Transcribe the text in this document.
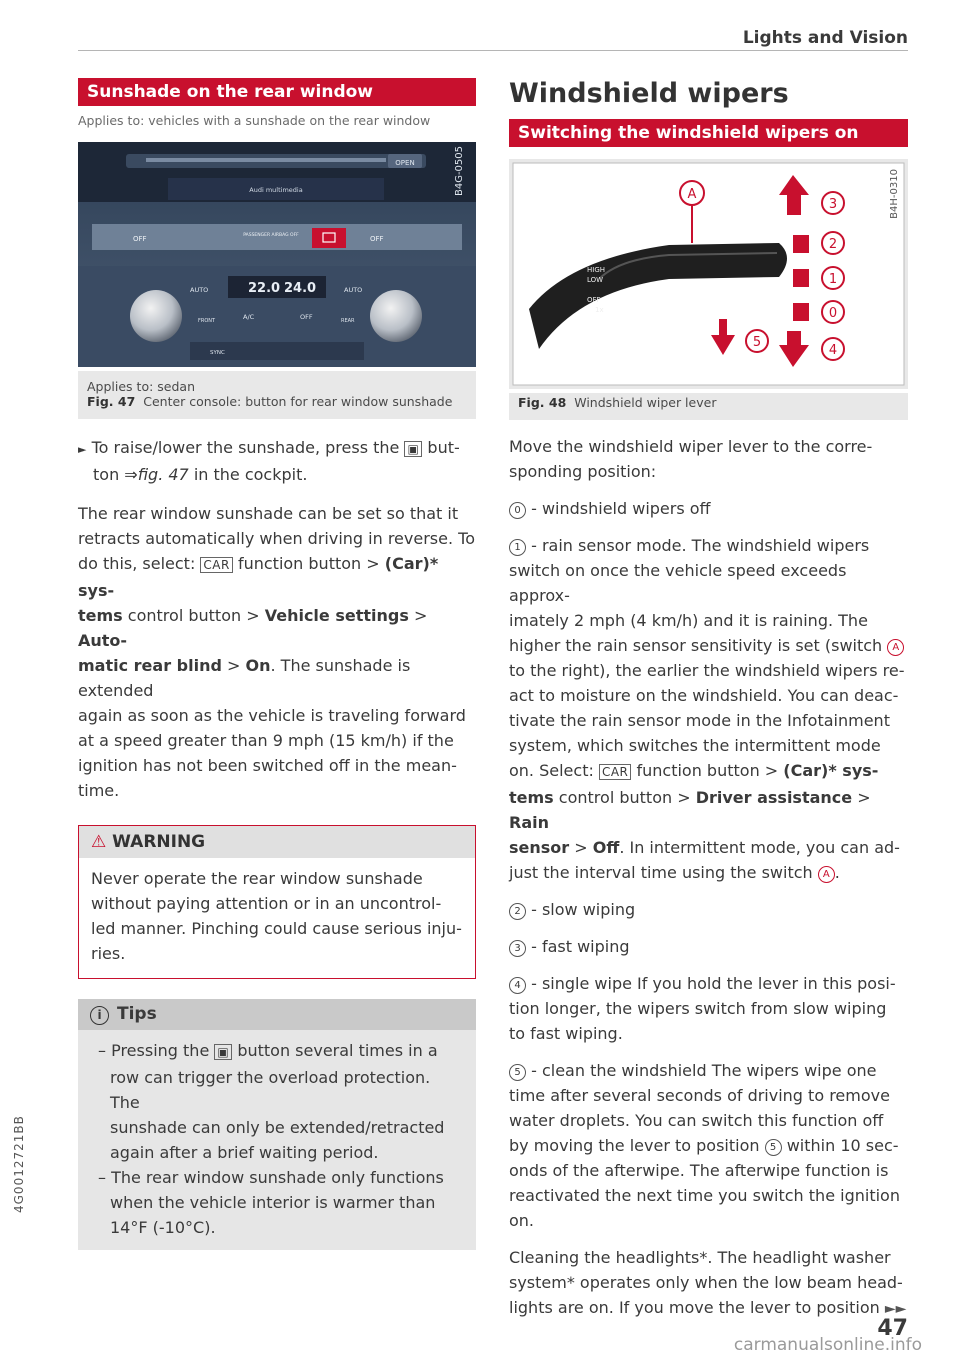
Lights and Vision
Sunshade on the rear window
Applies to: vehicles with a sunshade on the rear window
OPEN
Audi multimedia
OFF	PASSENGER AIRBAG OFF	OFF
22.0 24.0
AUTO	AUTO
A/C	OFF
FRONT	REAR
SYNC
B4G-0505
Applies to: sedan
Fig. 47 Center console: button for rear window sunshade

► To raise/lower the sunshade, press the ▣ but-
ton ⇒fig. 47 in the cockpit.

The rear window sunshade can be set so that it
retracts automatically when driving in reverse. To
do this, select: CAR function button > (Car)* sys-
tems control button > Vehicle settings > Auto-
matic rear blind > On. The sunshade is extended
again as soon as the vehicle is traveling forward
at a speed greater than 9 mph (15 km/h) if the
ignition has not been switched off in the mean-
time.

⚠ WARNING
Never operate the rear window sunshade
without paying attention or in an uncontrol-
led manner. Pinching could cause serious inju-
ries.
i Tips

– Pressing the ▣ button several times in a
row can trigger the overload protection. The
sunshade can only be extended/retracted
again after a brief waiting period.

– The rear window sunshade only functions
when the vehicle interior is warmer than
14°F (-10°C).

Windshield wipers
Switching the windshield wipers on
HIGH
LOW
OFF
1x
A
3
2
1
0
4
5
B4H-0310
Fig. 48 Windshield wiper lever

Move the windshield wiper lever to the corre-
sponding position:

0 - windshield wipers off

1 - rain sensor mode. The windshield wipers
switch on once the vehicle speed exceeds approx-
imately 2 mph (4 km/h) and it is raining. The
higher the rain sensor sensitivity is set (switch A
to the right), the earlier the windshield wipers re-
act to moisture on the windshield. You can deac-
tivate the rain sensor mode in the Infotainment
system, which switches the intermittent mode
on. Select: CAR function button > (Car)* sys-
tems control button > Driver assistance > Rain
sensor > Off. In intermittent mode, you can ad-
just the interval time using the switch A .

2 - slow wiping

3 - fast wiping

4 - single wipe If you hold the lever in this posi-
tion longer, the wipers switch from slow wiping
to fast wiping.

5 - clean the windshield The wipers wipe one
time after several seconds of driving to remove
water droplets. You can switch this function off
by moving the lever to position 5 within 10 sec-
onds of the afterwipe. The afterwipe function is
reactivated the next time you switch the ignition
on.

Cleaning the headlights*. The headlight washer
system* operates only when the low beam head-
lights are on. If you move the lever to position ►►

47
4G0012721BB
carmanualsonline.info
